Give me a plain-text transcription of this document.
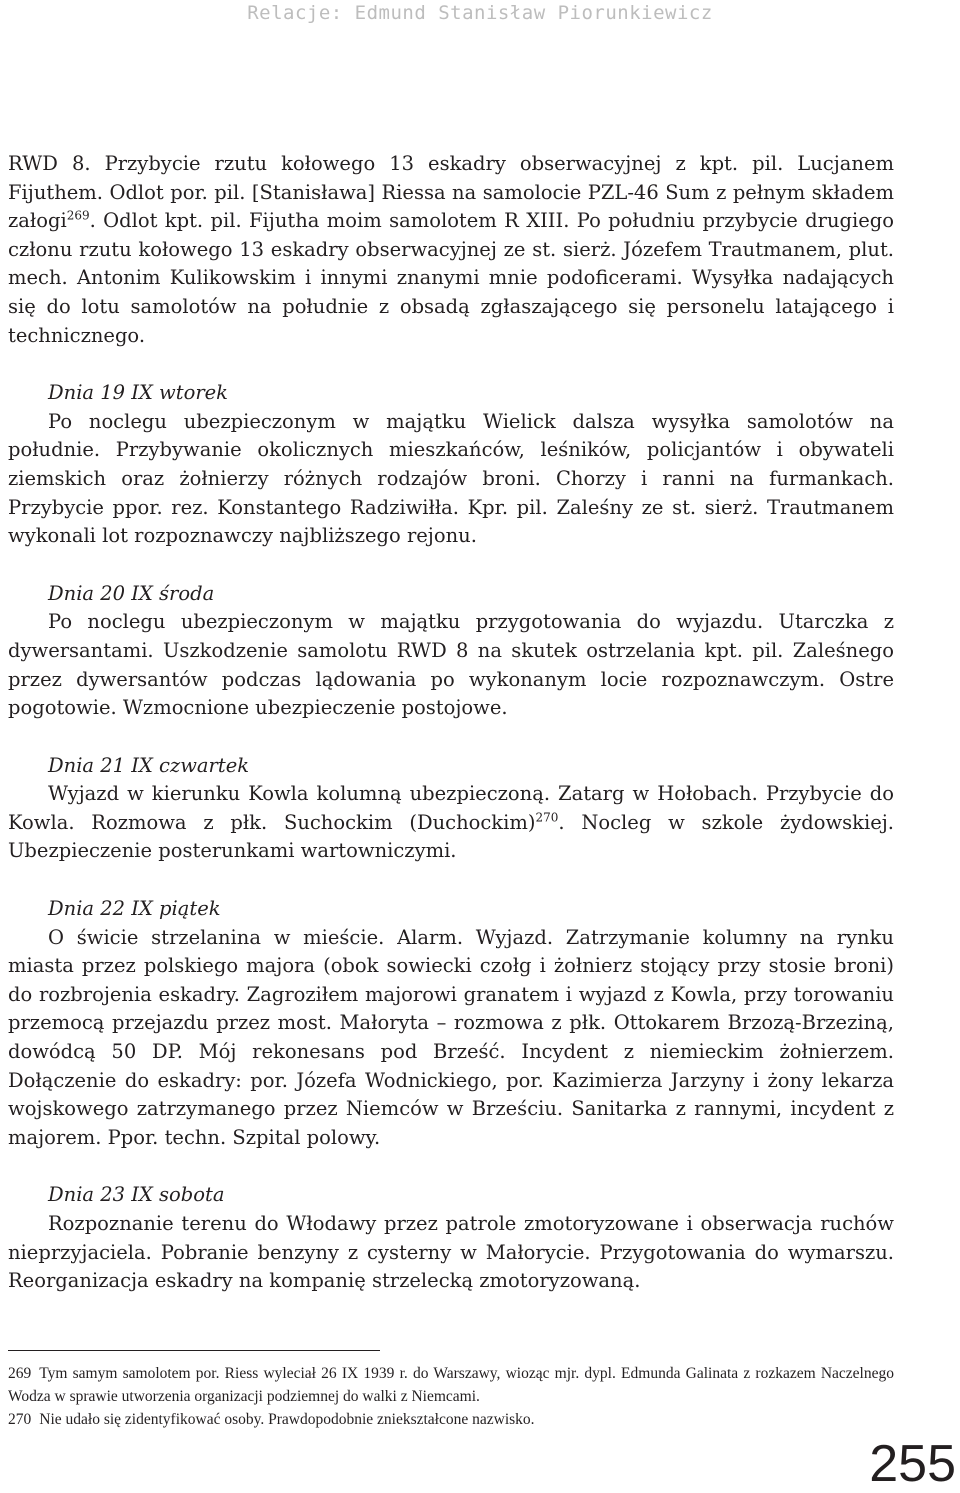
Relacje: Edmund Stanisław Piorunkiewicz

RWD 8. Przybycie rzutu kołowego 13 eskadry obserwacyjnej z kpt. pil. Lucjanem Fijuthem. Odlot por. pil. [Stanisława] Riessa na samolocie PZL-46 Sum z pełnym składem załogi$^{269}$. Odlot kpt. pil. Fijutha moim samolotem R XIII. Po południu przybycie drugiego członu rzutu kołowego 13 eskadry obserwacyjnej ze st. sierż. Józefem Trautmanem, plut. mech. Antonim Kulikowskim i innymi znanymi mnie podoficerami. Wysyłka nadających się do lotu samolotów na południe z obsadą zgłaszającego się personelu latającego i technicznego.

Dnia 19 IX wtorek

Po noclegu ubezpieczonym w majątku Wielick dalsza wysyłka samolotów na południe. Przybywanie okolicznych mieszkańców, leśników, policjantów i obywateli ziemskich oraz żołnierzy różnych rodzajów broni. Chorzy i ranni na furmankach. Przybycie ppor. rez. Konstantego Radziwiłła. Kpr. pil. Zaleśny ze st. sierż. Trautmanem wykonali lot rozpoznawczy najbliższego rejonu.

Dnia 20 IX środa

Po noclegu ubezpieczonym w majątku przygotowania do wyjazdu. Utarczka z dywersantami. Uszkodzenie samolotu RWD 8 na skutek ostrzelania kpt. pil. Zaleśnego przez dywersantów podczas lądowania po wykonanym locie rozpoznawczym. Ostre pogotowie. Wzmocnione ubezpieczenie postojowe.

Dnia 21 IX czwartek

Wyjazd w kierunku Kowla kolumną ubezpieczoną. Zatarg w Hołobach. Przybycie do Kowla. Rozmowa z płk. Suchockim (Duchockim)$^{270}$. Nocleg w szkole żydowskiej. Ubezpieczenie posterunkami wartowniczymi.

Dnia 22 IX piątek

O świcie strzelanina w mieście. Alarm. Wyjazd. Zatrzymanie kolumny na rynku miasta przez polskiego majora (obok sowiecki czołg i żołnierz stojący przy stosie broni) do rozbrojenia eskadry. Zagroziłem majorowi granatem i wyjazd z Kowla, przy torowaniu przemocą przejazdu przez most. Małoryta – rozmowa z płk. Ottokarem Brzozą-Brzeziną, dowódcą 50 DP. Mój rekonesans pod Brześć. Incydent z niemieckim żołnierzem. Dołączenie do eskadry: por. Józefa Wodnickiego, por. Kazimierza Jarzyny i żony lekarza wojskowego zatrzymanego przez Niemców w Brześciu. Sanitarka z rannymi, incydent z majorem. Ppor. techn. Szpital polowy.

Dnia 23 IX sobota

Rozpoznanie terenu do Włodawy przez patrole zmotoryzowane i obserwacja ruchów nieprzyjaciela. Pobranie benzyny z cysterny w Małorycie. Przygotowania do wymarszu. Reorganizacja eskadry na kompanię strzelecką zmotoryzowaną.

269 Tym samym samolotem por. Riess wyleciał 26 IX 1939 r. do Warszawy, wioząc mjr. dypl. Edmunda Galinata z rozkazem Naczelnego Wodza w sprawie utworzenia organizacji podziemnej do walki z Niemcami.

270 Nie udało się zidentyfikować osoby. Prawdopodobnie zniekształcone nazwisko.

255
